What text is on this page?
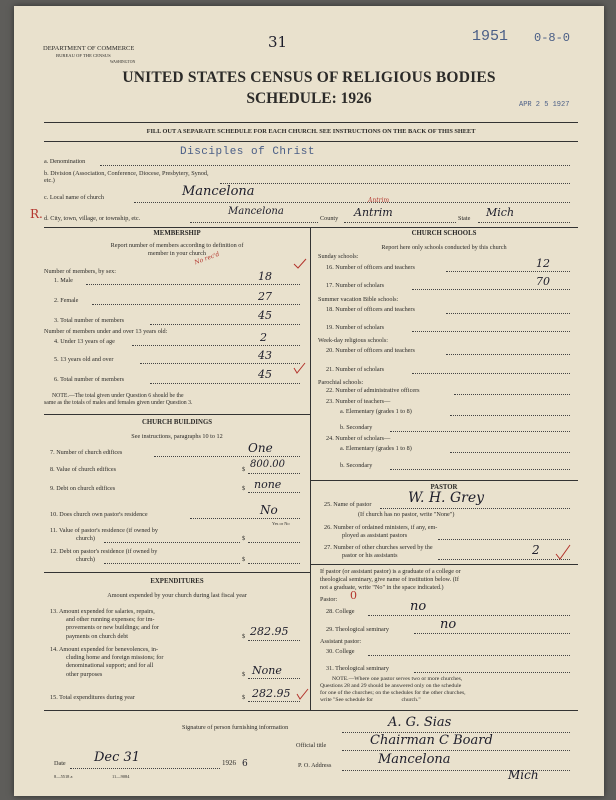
DEPARTMENT OF COMMERCE
BUREAU OF THE CENSUS
WASHINGTON
31	1951 0-8-0
UNITED STATES CENSUS OF RELIGIOUS BODIES
SCHEDULE: 1926	APR 2 5 1927
FILL OUT A SEPARATE SCHEDULE FOR EACH CHURCH. SEE INSTRUCTIONS ON THE BACK OF THIS SHEET
Disciples of Christ
a. Denomination
b. Division (Association, Conference, Diocese, Presbytery, Synod, etc.)
Mancelona
c. Local name of church
R.	Mancelona
Antrim
Antrim	Mich
d. City, town, village, or township, etc.	County	State
MEMBERSHIP
Report number of members according to definition of
member in your church
Number of members, by sex:
No rec'd
1. Male	18
2. Female	27
3. Total number of members	45
Number of members under and over 13 years old:
4. Under 13 years of age	2
5. 13 years old and over	43
6. Total number of members	45
NOTE.—The total given under Question 6 should be the
same as the totals of males and females given under Question 3.
CHURCH BUILDINGS
See instructions, paragraphs 10 to 12
7. Number of church edifices	One
8. Value of church edifices	$ 800.00
9. Debt on church edifices	$ none
10. Does church own pastor's residence	No
Yes or No
11. Value of pastor's residence (if owned by
church)	$
12. Debt on pastor's residence (if owned by
church)	$
EXPENDITURES
Amount expended by your church during last fiscal year
13. Amount expended for salaries, repairs,
and other running expenses; for im-
provements or new buildings; and for
payments on church debt	$ 282.95
14. Amount expended for benevolences, in-
cluding home and foreign missions; for
denominational support; and for all
other purposes	$ None
15. Total expenditures during year	$ 282.95
CHURCH SCHOOLS
Report here only schools conducted by this church
Sunday schools:
16. Number of officers and teachers	12
17. Number of scholars	70
Summer vacation Bible schools:
18. Number of officers and teachers
19. Number of scholars
Week-day religious schools:
20. Number of officers and teachers
21. Number of scholars
Parochial schools:
22. Number of administrative officers
23. Number of teachers—
a. Elementary (grades 1 to 8)
b. Secondary
24. Number of scholars—
a. Elementary (grades 1 to 8)
b. Secondary
PASTOR
25. Name of pastor	W. H. Grey
(If church has no pastor, write "None")
26. Number of ordained ministers, if any, em-
ployed as assistant pastors
27. Number of other churches served by the
pastor or his assistants	2
If pastor (or assistant pastor) is a graduate of a college or
theological seminary, give name of institution below. (If
not a graduate, write "No" in the space indicated.)
Pastor: 0
28. College	no
29. Theological seminary	no
Assistant pastor:
30. College
31. Theological seminary
NOTE.—Where one pastor serves two or more churches,
Questions 28 and 29 should be answered only on the schedule
for one of the churches; on the schedules for the other churches,
write "See schedule for                    church."
Signature of person furnishing information	A. G. Sias
Official title	Chairman C Board
Date Dec 31	1926 6	P. O. Address	Mancelona
Mich
8—5518 a	11—9084
